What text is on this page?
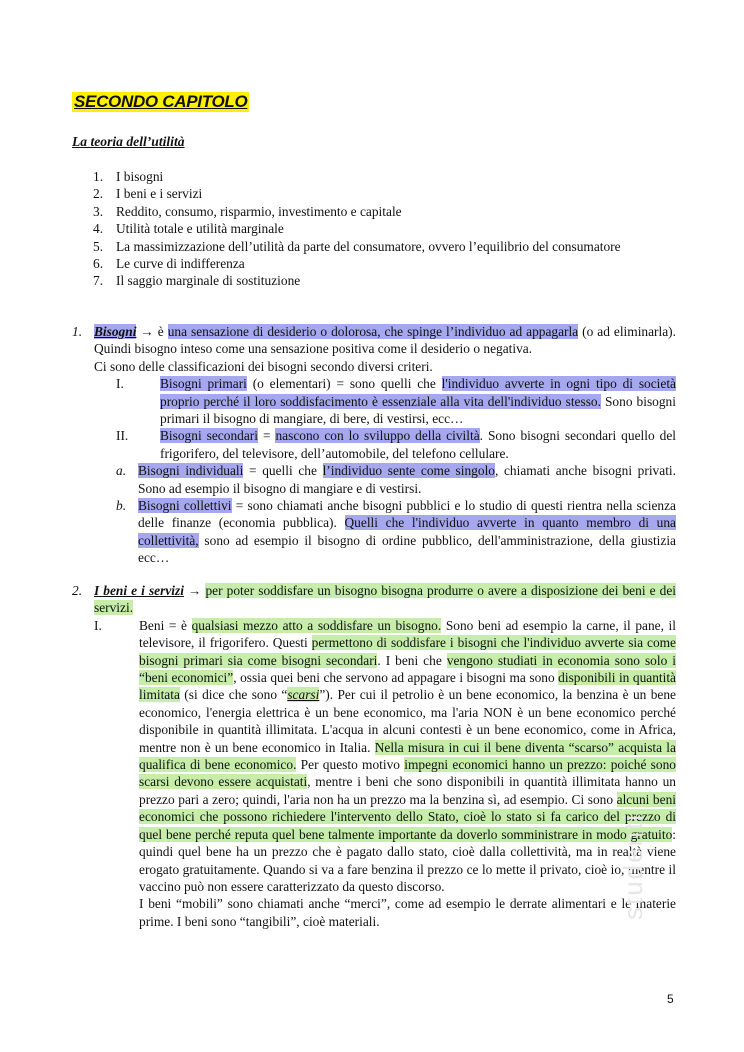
SECONDO CAPITOLO
La teoria dell’utilità
1. I bisogni
2. I beni e i servizi
3. Reddito, consumo, risparmio, investimento e capitale
4. Utilità totale e utilità marginale
5. La massimizzazione dell’utilità da parte del consumatore, ovvero l’equilibrio del consumatore
6. Le curve di indifferenza
7. Il saggio marginale di sostituzione
1. Bisogni → è una sensazione di desiderio o dolorosa, che spinge l’individuo ad appagarla (o ad eliminarla). Quindi bisogno inteso come una sensazione positiva come il desiderio o negativa.
Ci sono delle classificazioni dei bisogni secondo diversi criteri.
I.	Bisogni primari (o elementari) = sono quelli che l'individuo avverte in ogni tipo di società proprio perché il loro soddisfacimento è essenziale alla vita dell'individuo stesso. Sono bisogni primari il bisogno di mangiare, di bere, di vestirsi, ecc…
II.	Bisogni secondari = nascono con lo sviluppo della civiltà. Sono bisogni secondari quello del frigorifero, del televisore, dell’automobile, del telefono cellulare.
a. Bisogni individuali = quelli che l’individuo sente come singolo, chiamati anche bisogni privati. Sono ad esempio il bisogno di mangiare e di vestirsi.
b. Bisogni collettivi = sono chiamati anche bisogni pubblici e lo studio di questi rientra nella scienza delle finanze (economia pubblica). Quelli che l'individuo avverte in quanto membro di una collettività, sono ad esempio il bisogno di ordine pubblico, dell'amministrazione, della giustizia ecc…
2. I beni e i servizi → per poter soddisfare un bisogno bisogna produrre o avere a disposizione dei beni e dei servizi.
I.	Beni = è qualsiasi mezzo atto a soddisfare un bisogno. Sono beni ad esempio la carne, il pane, il televisore, il frigorifero. Questi permettono di soddisfare i bisogni che l'individuo avverte sia come bisogni primari sia come bisogni secondari. I beni che vengono studiati in economia sono solo i “beni economici”, ossia quei beni che servono ad appagare i bisogni ma sono disponibili in quantità limitata (si dice che sono “scarsi”). Per cui il petrolio è un bene economico, la benzina è un bene economico, l'energia elettrica è un bene economico, ma l'aria NON è un bene economico perché disponibile in quantità illimitata. L'acqua in alcuni contesti è un bene economico, come in Africa, mentre non è un bene economico in Italia. Nella misura in cui il bene diventa “scarso” acquista la qualifica di bene economico. Per questo motivo impegni economici hanno un prezzo: poiché sono scarsi devono essere acquistati, mentre i beni che sono disponibili in quantità illimitata hanno un prezzo pari a zero; quindi, l'aria non ha un prezzo ma la benzina sì, ad esempio. Ci sono alcuni beni economici che possono richiedere l'intervento dello Stato, cioè lo stato si fa carico del prezzo di quel bene perché reputa quel bene talmente importante da doverlo somministrare in modo gratuito: quindi quel bene ha un prezzo che è pagato dallo stato, cioè dalla collettività, ma in realtà viene erogato gratuitamente. Quando si va a fare benzina il prezzo ce lo mette il privato, cioè io, mentre il vaccino può non essere caratterizzato da questo discorso.
I beni “mobili” sono chiamati anche “merci”, come ad esempio le derrate alimentari e le materie prime. I beni sono “tangibili”, cioè materiali.
studenti
5
